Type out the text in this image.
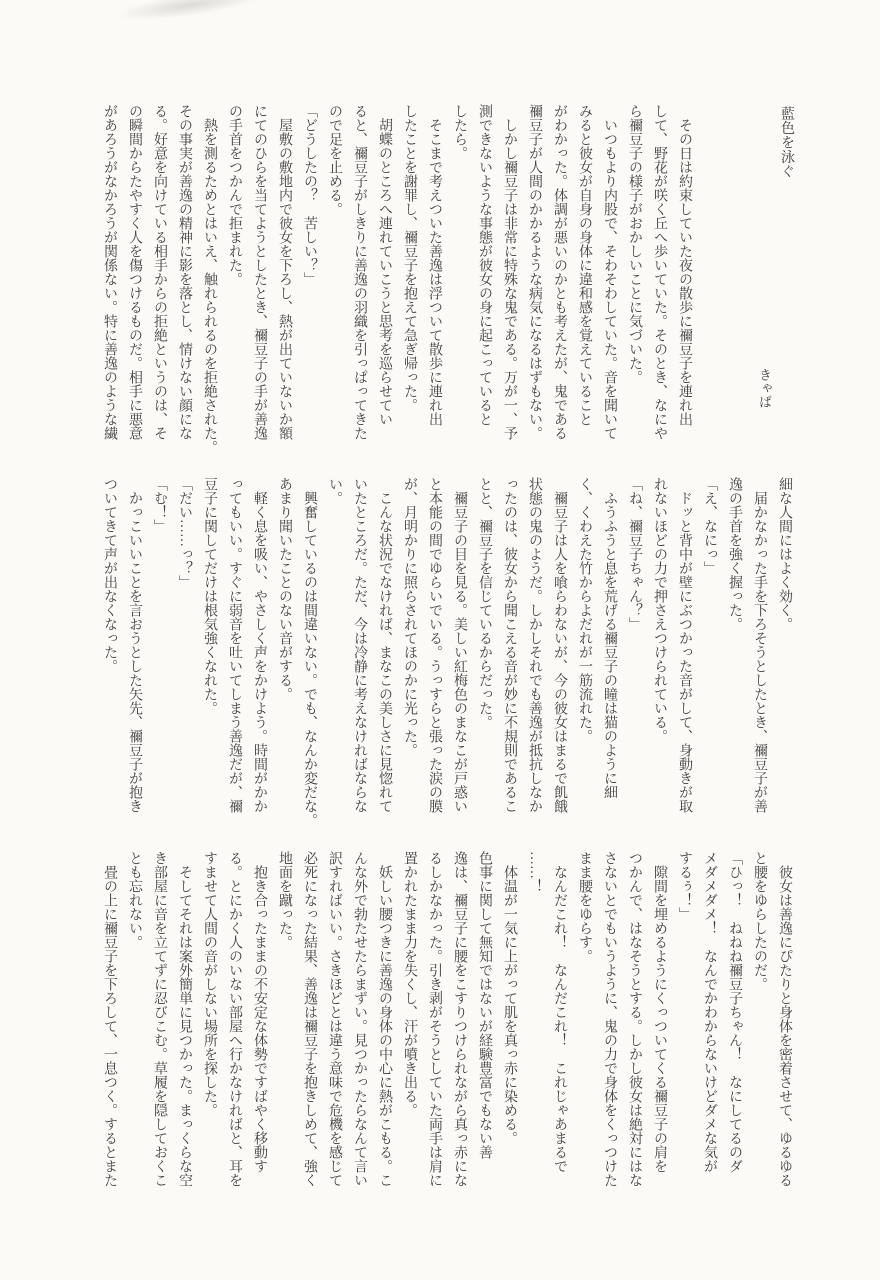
藍色を泳ぐ
きゃぱ
　その日は約束していた夜の散歩に禰豆子を連れ出
して、野花が咲く丘へ歩いていた。そのとき、なにや
ら禰豆子の様子がおかしいことに気づいた。
　いつもより内股で、そわそわしていた。音を聞いて
みると彼女が自身の身体に違和感を覚えていること
がわかった。体調が悪いのかとも考えたが、鬼である
禰豆子が人間のかかるような病気になるはずもない。
　しかし禰豆子は非常に特殊な鬼である。万が一、予
測できないような事態が彼女の身に起こっていると
したら。
　そこまで考えついた善逸は浮ついて散歩に連れ出
したことを謝罪し、禰豆子を抱えて急ぎ帰った。
　胡蝶のところへ連れていこうと思考を巡らせてい
ると、禰豆子がしきりに善逸の羽織を引っぱってきた
ので足を止める。
「どうしたの？　苦しい？」
　屋敷の敷地内で彼女を下ろし、熱が出ていないか額
にてのひらを当てようとしたとき、禰豆子の手が善逸
の手首をつかんで拒まれた。
　熱を測るためとはいえ、触れられるのを拒絶された。
その事実が善逸の精神に影を落とし、情けない顔にな
る。好意を向けている相手からの拒絶というのは、そ
の瞬間からたやすく人を傷つけるものだ。相手に悪意
があろうがなかろうが関係ない。特に善逸のような繊
細な人間にはよく効く。
　届かなかった手を下ろそうとしたとき、禰豆子が善
逸の手首を強く握った。
「え、なにっ」
　ドッと背中が壁にぶつかった音がして、身動きが取
れないほどの力で押さえつけられている。
「ね、禰豆子ちゃん？」
　ふうふうと息を荒げる禰豆子の瞳は猫のように細
く、くわえた竹からよだれが一筋流れた。
　禰豆子は人を喰らわないが、今の彼女はまるで飢餓
状態の鬼のようだ。しかしそれでも善逸が抵抗しなか
ったのは、彼女から聞こえる音が妙に不規則であるこ
とと、禰豆子を信じているからだった。
　禰豆子の目を見る。美しい紅梅色のまなこが戸惑い
と本能の間でゆらいでいる。うっすらと張った涙の膜
が、月明かりに照らされてほのかに光った。
　こんな状況でなければ、まなこの美しさに見惚れて
いたところだ。ただ、今は冷静に考えなければならな
い。
　興奮しているのは間違いない。でも、なんか変だな。
あまり聞いたことのない音がする。
　軽く息を吸い、やさしく声をかけよう。時間がかか
ってもいい。すぐに弱音を吐いてしまう善逸だが、禰
豆子に関してだけは根気強くなれた。
「だい……っ？」
「む！」
　かっこいいことを言おうとした矢先、禰豆子が抱き
ついてきて声が出なくなった。
　彼女は善逸にぴたりと身体を密着させて、ゆるゆる
と腰をゆらしたのだ。
「ひっ！　ねねね禰豆子ちゃん！　なにしてるのダ
メダメダメ！　なんでかわからないけどダメな気が
するぅ！」
　隙間を埋めるようにくっついてくる禰豆子の肩を
つかんで、はなそうとする。しかし彼女は絶対にはな
さないとでもいうように、鬼の力で身体をくっつけた
まま腰をゆらす。
　なんだこれ！　なんだこれ！　これじゃあまるで
……！
　体温が一気に上がって肌を真っ赤に染める。
色事に関して無知ではないが経験豊富でもない善
逸は、禰豆子に腰をこすりつけられながら真っ赤にな
るしかなかった。引き剥がそうとしていた両手は肩に
置かれたまま力を失くし、汗が噴き出る。
　妖しい腰つきに善逸の身体の中心に熱がこもる。こ
んな外で勃たせたらまずい。見つかったらなんて言い
訳すればいい。さきほどとは違う意味で危機を感じて
必死になった結果、善逸は禰豆子を抱きしめて、強く
地面を蹴った。
　抱き合ったままの不安定な体勢ですばやく移動す
る。とにかく人のいない部屋へ行かなければと、耳を
すませて人間の音がしない場所を探した。
　そしてそれは案外簡単に見つかった。まっくらな空
き部屋に音を立てずに忍びこむ。草履を隠しておくこ
とも忘れない。
　畳の上に禰豆子を下ろして、一息つく。するとまた
